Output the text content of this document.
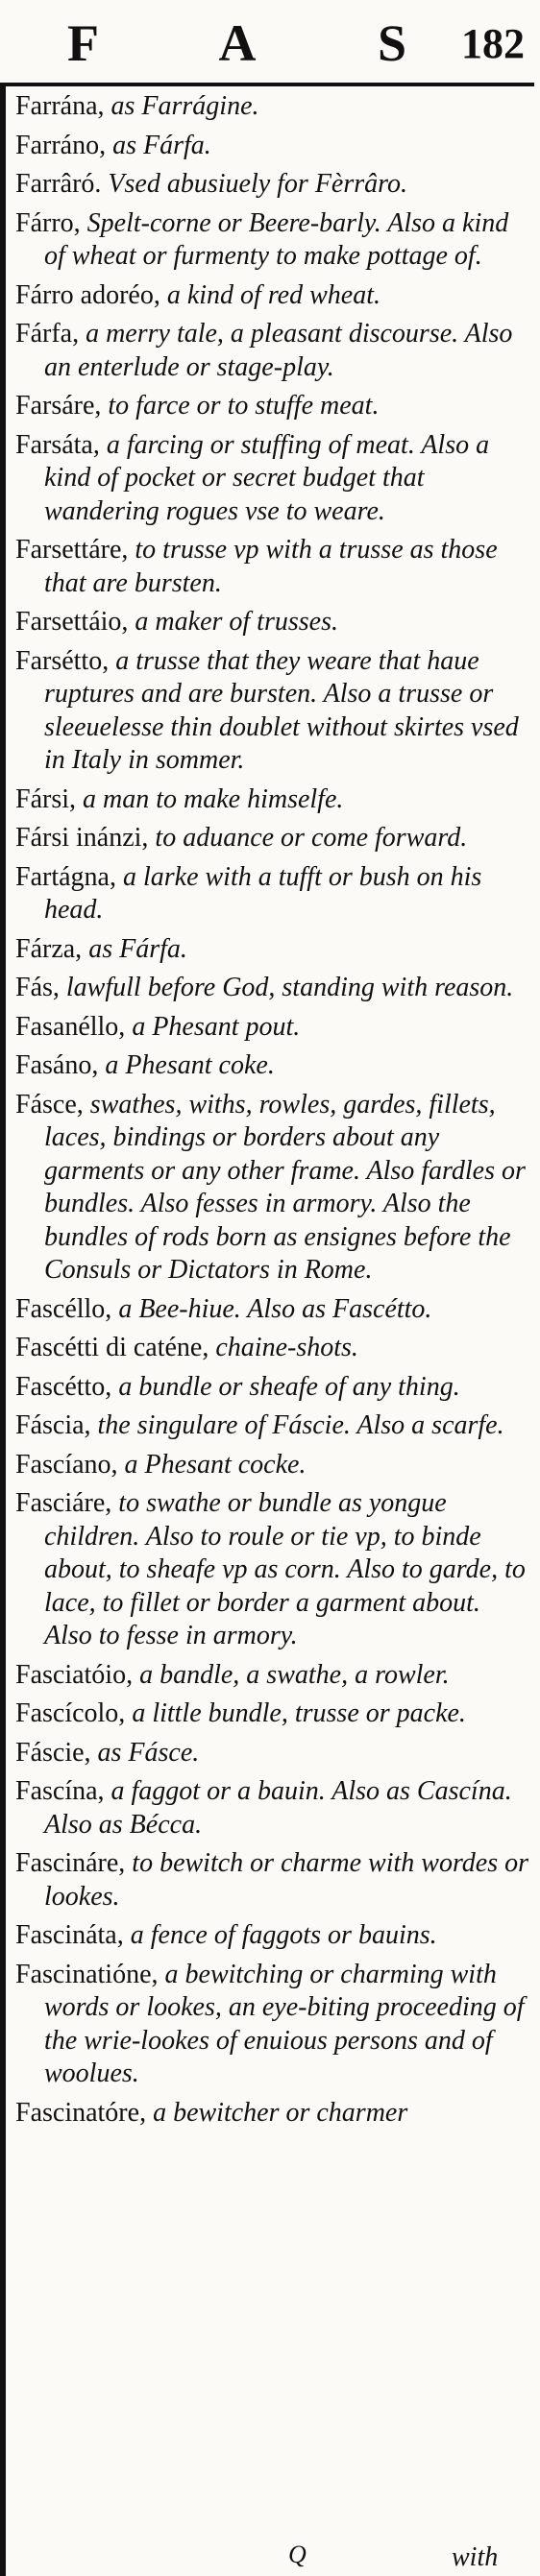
F A S
182

Farrána, as Farrágine.

Farráno, as Fárfa.

Farrâró. Vsed abusiuely for Fèrrâro.

Fárro, Spelt-corne or Beere-barly. Also a kind of wheat or furmenty to make pottage of.

Fárro adoréo, a kind of red wheat.

Fárfa, a merry tale, a pleasant discourse. Also an enterlude or stage-play.

Farsáre, to farce or to stuffe meat.

Farsáta, a farcing or stuffing of meat. Also a kind of pocket or secret budget that wandering rogues vse to weare.

Farsettáre, to trusse vp with a trusse as those that are bursten.

Farsettáio, a maker of trusses.

Farsétto, a trusse that they weare that haue ruptures and are bursten. Also a trusse or sleeuelesse thin doublet without skirtes vsed in Italy in sommer.

Fársi, a man to make himselfe.

Fársi inánzi, to aduance or come forward.

Fartágna, a larke with a tufft or bush on his head.

Fárza, as Fárfa.

Fás, lawfull before God, standing with reason.

Fasanéllo, a Phesant pout.

Fasáno, a Phesant coke.

Fásce, swathes, withs, rowles, gardes, fillets, laces, bindings or borders about any garments or any other frame. Also fardles or bundles. Also fesses in armory. Also the bundles of rods born as ensignes before the Consuls or Dictators in Rome.

Fascéllo, a Bee-hiue. Also as Fascétto.

Fascétti di caténe, chaine-shots.

Fascétto, a bundle or sheafe of any thing.

Fáscia, the singulare of Fáscie. Also a scarfe.

Fascíano, a Phesant cocke.

Fasciáre, to swathe or bundle as yongue children. Also to roule or tie vp, to binde about, to sheafe vp as corn. Also to garde, to lace, to fillet or border a garment about. Also to fesse in armory.

Fasciatóio, a bandle, a swathe, a rowler.

Fascícolo, a little bundle, trusse or packe.

Fáscie, as Fásce.

Fascína, a faggot or a bauin. Also as Cascína. Also as Bécca.

Fascináre, to bewitch or charme with wordes or lookes.

Fascináta, a fence of faggots or bauins.

Fascinatióne, a bewitching or charming with words or lookes, an eye-biting proceeding of the wrie-lookes of enuious persons and of woolues.

Fascinatóre, a bewitcher or charmer

Q	with
